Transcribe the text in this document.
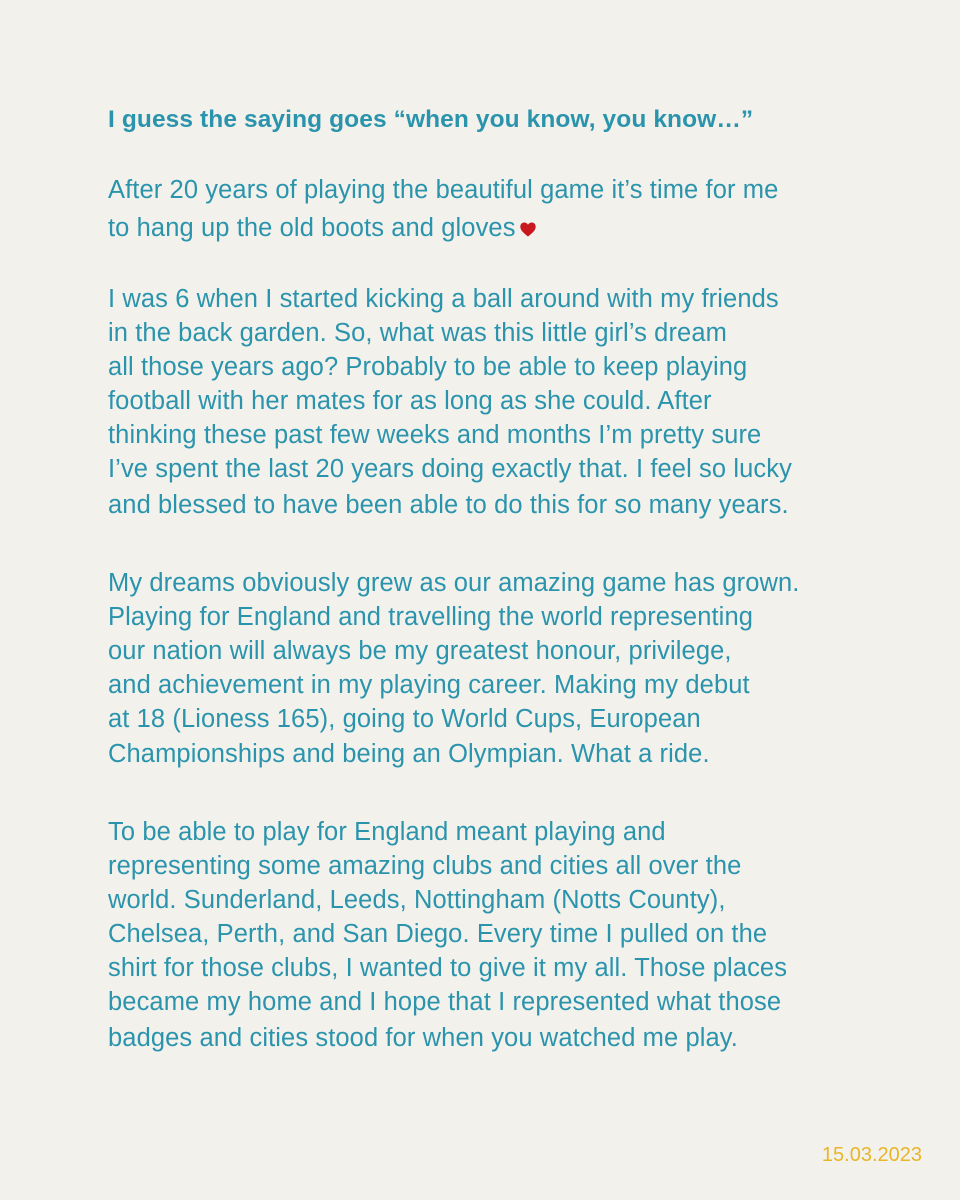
I guess the saying goes “when you know, you know…”
After 20 years of playing the beautiful game it’s time for me
to hang up the old boots and gloves
I was 6 when I started kicking a ball around with my friends
in the back garden. So, what was this little girl’s dream
all those years ago? Probably to be able to keep playing
football with her mates for as long as she could. After
thinking these past few weeks and months I’m pretty sure
I’ve spent the last 20 years doing exactly that. I feel so lucky
and blessed to have been able to do this for so many years.
My dreams obviously grew as our amazing game has grown.
Playing for England and travelling the world representing
our nation will always be my greatest honour, privilege,
and achievement in my playing career. Making my debut
at 18 (Lioness 165), going to World Cups, European
Championships and being an Olympian. What a ride.
To be able to play for England meant playing and
representing some amazing clubs and cities all over the
world. Sunderland, Leeds, Nottingham (Notts County),
Chelsea, Perth, and San Diego. Every time I pulled on the
shirt for those clubs, I wanted to give it my all. Those places
became my home and I hope that I represented what those
badges and cities stood for when you watched me play.
15.03.2023
